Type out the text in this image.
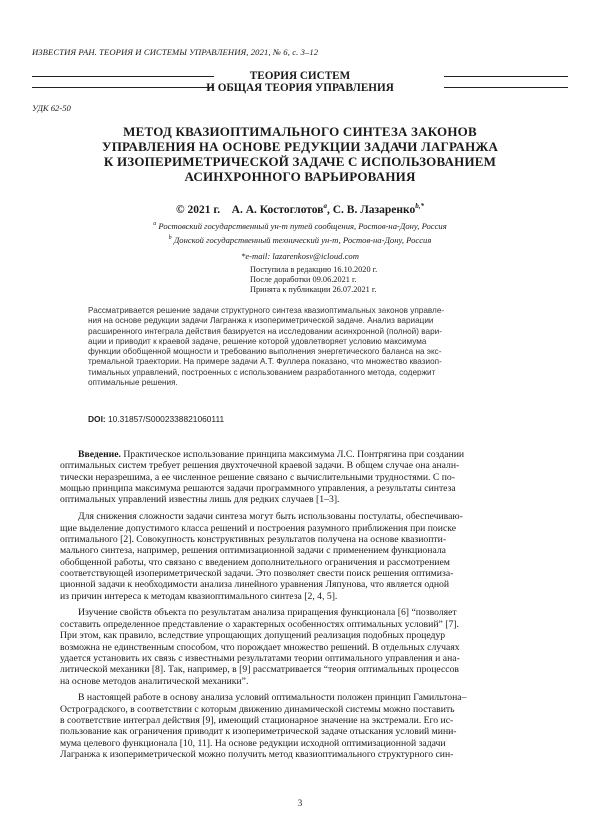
ИЗВЕСТИЯ РАН. ТЕОРИЯ И СИСТЕМЫ УПРАВЛЕНИЯ, 2021, № 6, с. 3–12
ТЕОРИЯ СИСТЕМ
И ОБЩАЯ ТЕОРИЯ УПРАВЛЕНИЯ
УДК 62-50
МЕТОД КВАЗИОПТИМАЛЬНОГО СИНТЕЗА ЗАКОНОВ
УПРАВЛЕНИЯ НА ОСНОВЕ РЕДУКЦИИ ЗАДАЧИ ЛАГРАНЖА
К ИЗОПЕРИМЕТРИЧЕСКОЙ ЗАДАЧЕ С ИСПОЛЬЗОВАНИЕМ
АСИНХРОННОГО ВАРЬИРОВАНИЯ
© 2021 г. А. А. Костоглотов$^a$, С. В. Лазаренко$^{b,*}$
$^a$ Ростовский государственный ун-т путей сообщения, Ростов-на-Дону, Россия
$^b$ Донской государственный технический ун-т, Ростов-на-Дону, Россия
*e-mail: lazarenkosv@icloud.com
Поступила в редакцию 16.10.2020 г.
После доработки 09.06.2021 г.
Принята к публикации 26.07.2021 г.
Рассматривается решение задачи структурного синтеза квазиоптимальных законов управле-
ния на основе редукции задачи Лагранжа к изопериметрической задаче. Анализ вариации
расширенного интеграла действия базируется на исследовании асинхронной (полной) вари-
ации и приводит к краевой задаче, решение которой удовлетворяет условию максимума
функции обобщенной мощности и требованию выполнения энергетического баланса на экс-
тремальной траектории. На примере задачи А.Т. Фуллера показано, что множество квазиоп-
тимальных управлений, построенных с использованием разработанного метода, содержит
оптимальные решения.
DOI: 10.31857/S0002338821060111
Введение. Практическое использование принципа максимума Л.С. Понтрягина при создании
оптимальных систем требует решения двухточечной краевой задачи. В общем случае она аналн-
тически неразрешима, а ее численное решение связано с вычислительными трудностями. С по-
мощью принципа максимума решаются задачи программного управления, а результаты синтеза
оптимальных управлений известны лишь для редких случаев [1–3].
Для снижения сложности задачи синтеза могут быть использованы постулаты, обеспечиваю-
щие выделение допустимого класса решений и построения разумного приближения при поиске
оптимального [2]. Совокупность конструктивных результатов получена на основе квазиопти-
мального синтеза, например, решения оптимизационной задачи с применением функционала
обобщенной работы, что связано с введением дополнительного ограничения и рассмотрением
соответствующей изопериметрической задачи. Это позволяет свести поиск решения оптимиза-
ционной задачи к необходимости анализа линейного уравнения Ляпунова, что является одной
из причин интереса к методам квазиоптимального синтеза [2, 4, 5].
Изучение свойств объекта по результатам анализа приращения функционала [6] “позволяет
составить определенное представление о характерных особенностях оптимальных условий” [7].
При этом, как правило, вследствие упрощающих допущений реализация подобных процедур
возможна не единственным способом, что порождает множество решений. В отдельных случаях
удается установить их связь с известными результатами теории оптимального управления и ана-
литической механики [8]. Так, например, в [9] рассматривается “теория оптимальных процессов
на основе методов аналитической механики”.
В настоящей работе в основу анализа условий оптимальности положен принцип Гамильтона–
Остроградского, в соответствии с которым движению динамической системы можно поставить
в соответствие интеграл действия [9], имеющий стационарное значение на экстремали. Его ис-
пользование как ограничения приводит к изопериметрической задаче отыскания условий мини-
мума целевого функционала [10, 11]. На основе редукции исходной оптимизационной задачи
Лагранжа к изопериметрической можно получить метод квазиоптимального структурного син-
3
